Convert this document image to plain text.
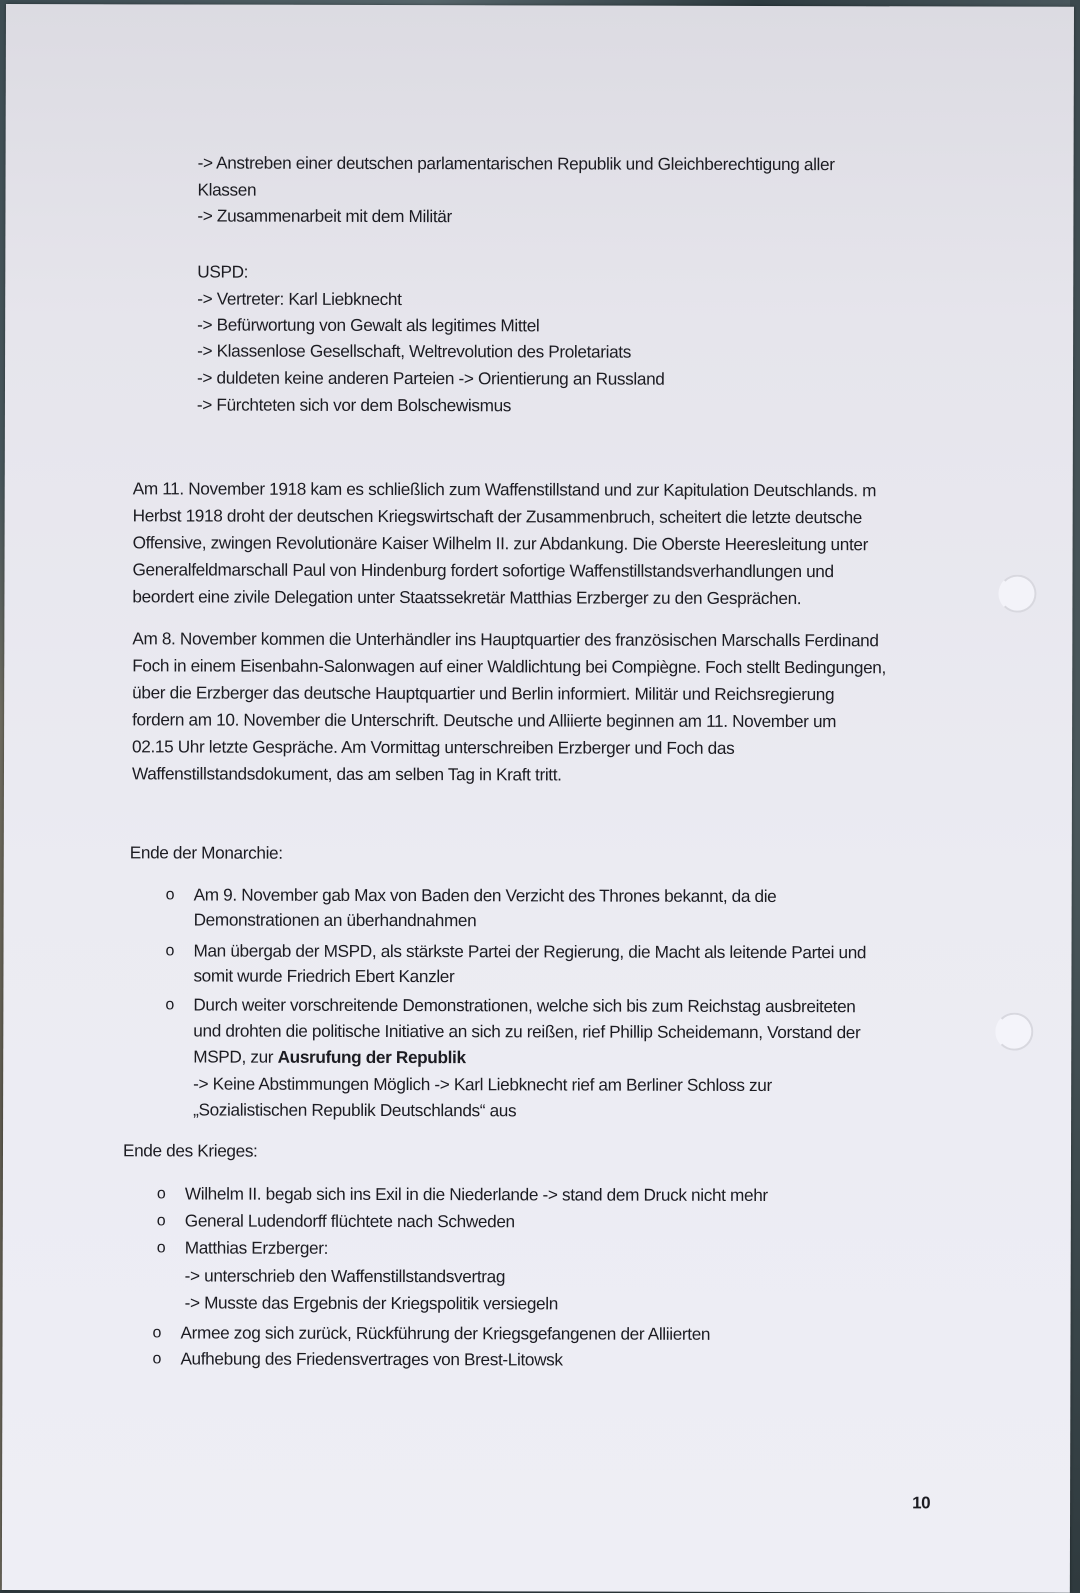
-> Anstreben einer deutschen parlamentarischen Republik und Gleichberechtigung aller
Klassen
-> Zusammenarbeit mit dem Militär
USPD:
-> Vertreter: Karl Liebknecht
-> Befürwortung von Gewalt als legitimes Mittel
-> Klassenlose Gesellschaft, Weltrevolution des Proletariats
-> duldeten keine anderen Parteien -> Orientierung an Russland
-> Fürchteten sich vor dem Bolschewismus
Am 11. November 1918 kam es schließlich zum Waffenstillstand und zur Kapitulation Deutschlands. m
Herbst 1918 droht der deutschen Kriegswirtschaft der Zusammenbruch, scheitert die letzte deutsche
Offensive, zwingen Revolutionäre Kaiser Wilhelm II. zur Abdankung. Die Oberste Heeresleitung unter
Generalfeldmarschall Paul von Hindenburg fordert sofortige Waffenstillstandsverhandlungen und
beordert eine zivile Delegation unter Staatssekretär Matthias Erzberger zu den Gesprächen.
Am 8. November kommen die Unterhändler ins Hauptquartier des französischen Marschalls Ferdinand
Foch in einem Eisenbahn-Salonwagen auf einer Waldlichtung bei Compiègne. Foch stellt Bedingungen,
über die Erzberger das deutsche Hauptquartier und Berlin informiert. Militär und Reichsregierung
fordern am 10. November die Unterschrift. Deutsche und Alliierte beginnen am 11. November um
02.15 Uhr letzte Gespräche. Am Vormittag unterschreiben Erzberger und Foch das
Waffenstillstandsdokument, das am selben Tag in Kraft tritt.
Ende der Monarchie:
o Am 9. November gab Max von Baden den Verzicht des Thrones bekannt, da die
Demonstrationen an überhandnahmen
o Man übergab der MSPD, als stärkste Partei der Regierung, die Macht als leitende Partei und
somit wurde Friedrich Ebert Kanzler
o Durch weiter vorschreitende Demonstrationen, welche sich bis zum Reichstag ausbreiteten
und drohten die politische Initiative an sich zu reißen, rief Phillip Scheidemann, Vorstand der
MSPD, zur Ausrufung der Republik
-> Keine Abstimmungen Möglich -> Karl Liebknecht rief am Berliner Schloss zur
„Sozialistischen Republik Deutschlands“ aus
Ende des Krieges:
o Wilhelm II. begab sich ins Exil in die Niederlande -> stand dem Druck nicht mehr
o General Ludendorff flüchtete nach Schweden
o Matthias Erzberger:
-> unterschrieb den Waffenstillstandsvertrag
-> Musste das Ergebnis der Kriegspolitik versiegeln
o Armee zog sich zurück, Rückführung der Kriegsgefangenen der Alliierten
o Aufhebung des Friedensvertrages von Brest-Litowsk
10
